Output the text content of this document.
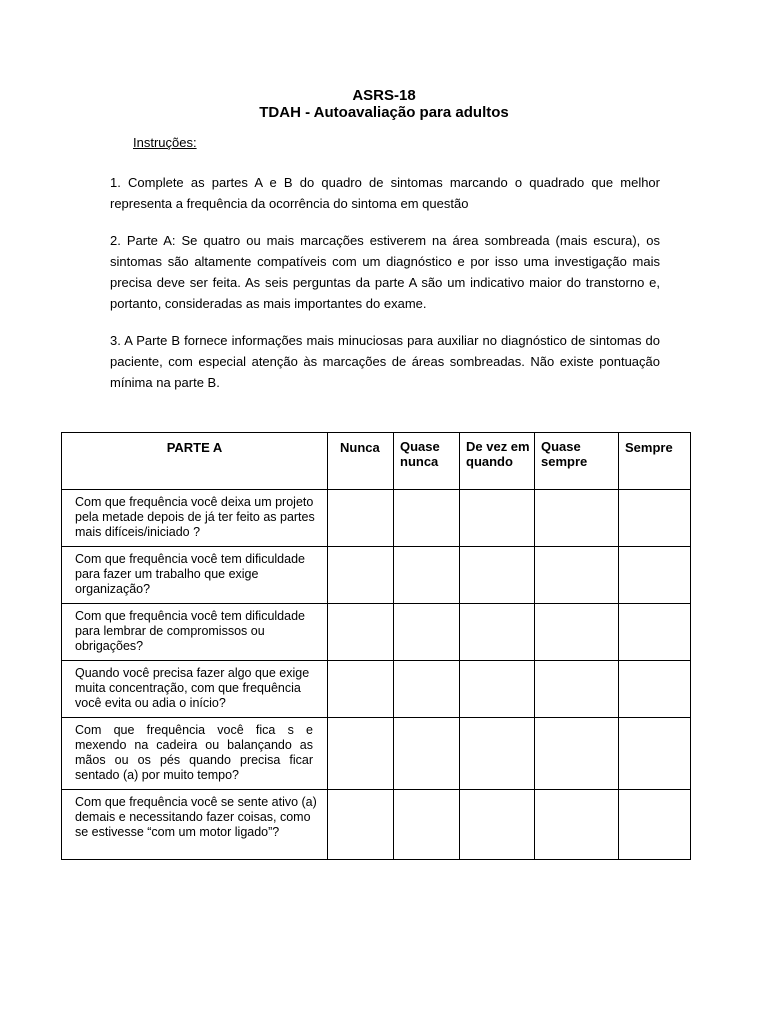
ASRS-18
TDAH - Autoavaliação para adultos
Instruções:

1. Complete as partes A e B do quadro de sintomas marcando o quadrado que melhor representa a frequência da ocorrência do sintoma em questão

2. Parte A: Se quatro ou mais marcações estiverem na área sombreada (mais escura), os sintomas são altamente compatíveis com um diagnóstico e por isso uma investigação mais precisa deve ser feita. As seis perguntas da parte A são um indicativo maior do transtorno e, portanto, consideradas as mais importantes do exame.

3. A Parte B fornece informações mais minuciosas para auxiliar no diagnóstico de sintomas do paciente, com especial atenção às marcações de áreas sombreadas. Não existe pontuação mínima na parte B.

PARTE A	Nunca	Quase nunca	De vez em quando	Quase sempre	Sempre
Com que frequência você deixa um projeto pela metade depois de já ter feito as partes mais difíceis/iniciado ?					
Com que frequência você tem dificuldade para fazer um trabalho que exige organização?					
Com que frequência você tem dificuldade para lembrar de compromissos ou obrigações?					
Quando você precisa fazer algo que exige muita concentração, com que frequência você evita ou adia o início?					
Com que frequência você fica s e mexendo na cadeira ou balançando as mãos ou os pés quando precisa ficar sentado (a) por muito tempo?					
Com que frequência você se sente ativo (a) demais e necessitando fazer coisas, como se estivesse “com um motor ligado”?					
